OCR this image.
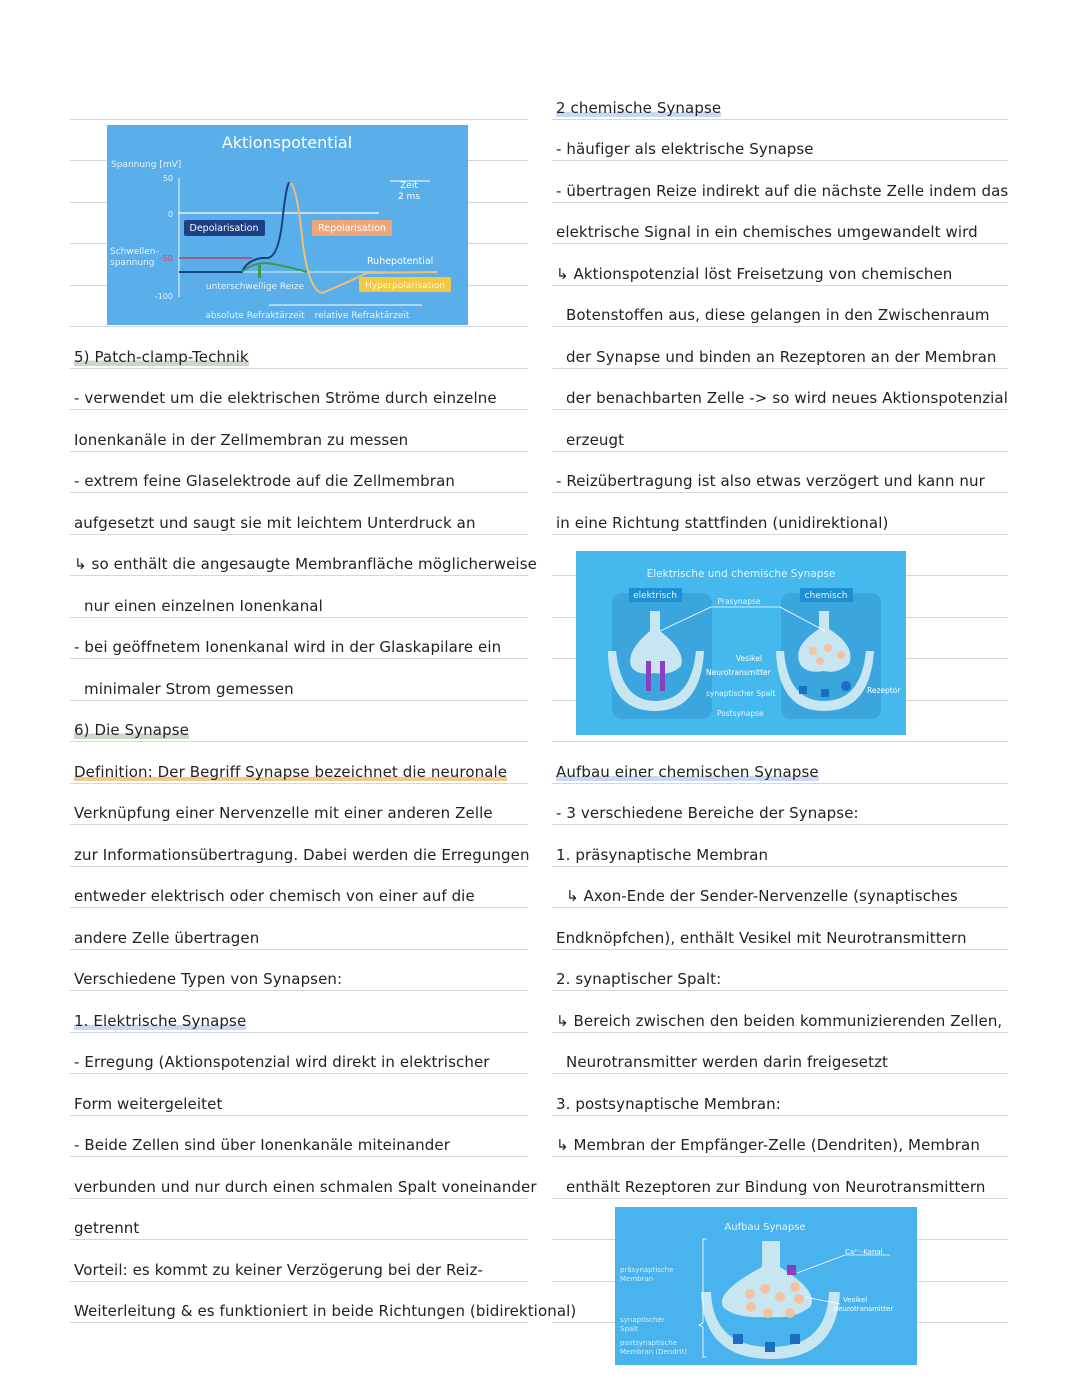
5) Patch-clamp-Technik
- verwendet um die elektrischen Ströme durch einzelne
Ionenkanäle in der Zellmembran zu messen
- extrem feine Glaselektrode auf die Zellmembran
aufgesetzt und saugt sie mit leichtem Unterdruck an
↳ so enthält die angesaugte Membranfläche möglicherweise
nur einen einzelnen Ionenkanal
- bei geöffnetem Ionenkanal wird in der Glaskapilare ein
minimaler Strom gemessen
6) Die Synapse
Definition: Der Begriff Synapse bezeichnet die neuronale
Verknüpfung einer Nervenzelle mit einer anderen Zelle
zur Informationsübertragung. Dabei werden die Erregungen
entweder elektrisch oder chemisch von einer auf die
andere Zelle übertragen
Verschiedene Typen von Synapsen:
1. Elektrische Synapse
- Erregung (Aktionspotenzial wird direkt in elektrischer
Form weitergeleitet
- Beide Zellen sind über Ionenkanäle miteinander
verbunden und nur durch einen schmalen Spalt voneinander
getrennt
Vorteil: es kommt zu keiner Verzögerung bei der Reiz-
Weiterleitung & es funktioniert in beide Richtungen (bidirektional)
2 chemische Synapse
- häufiger als elektrische Synapse
- übertragen Reize indirekt auf die nächste Zelle indem das
elektrische Signal in ein chemisches umgewandelt wird
↳ Aktionspotenzial löst Freisetzung von chemischen
Botenstoffen aus, diese gelangen in den Zwischenraum
der Synapse und binden an Rezeptoren an der Membran
der benachbarten Zelle -> so wird neues Aktionspotenzial
erzeugt
- Reizübertragung ist also etwas verzögert und kann nur
in eine Richtung stattfinden (unidirektional)
Aufbau einer chemischen Synapse
- 3 verschiedene Bereiche der Synapse:
1. präsynaptische Membran
↳ Axon-Ende der Sender-Nervenzelle (synaptisches
Endknöpfchen), enthält Vesikel mit Neurotransmittern
2. synaptischer Spalt:
↳ Bereich zwischen den beiden kommunizierenden Zellen,
Neurotransmitter werden darin freigesetzt
3. postsynaptische Membran:
↳ Membran der Empfänger-Zelle (Dendriten), Membran
enthält Rezeptoren zur Bindung von Neurotransmittern
Aktionspotential
Spannung [mV]
50
0
-50
-100
Schwellen-
spannung
Zeit
2 ms
Depolarisation	Repolarisation
Ruhepotential
Hyperpolarisation
unterschwellige Reize
absolute Refraktärzeit relative Refraktärzeit
Elektrische und chemische Synapse
elektrisch	chemisch
Prasynapse
Vesikel
Neurotransmitter
synaptischer Spalt
Postsynapse
Rezeptor
Aufbau Synapse
Ca²⁺-Kanal
Vesikel
Neurotransmitter
präsynaptische
Membran
synaptischer
Spalt
postsynaptische
Membran (Dendrit)
